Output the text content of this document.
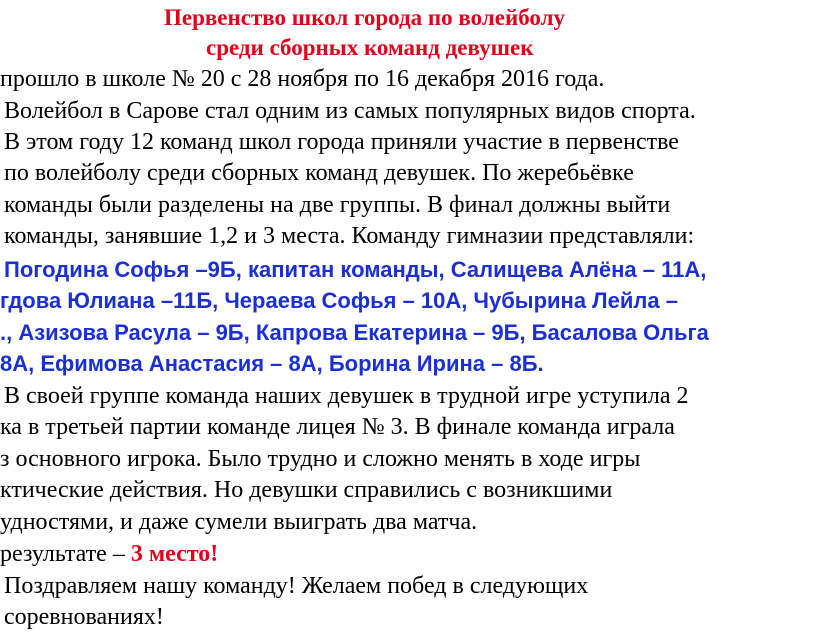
Первенство школ города по волейболу
среди сборных команд девушек
прошло в школе № 20 с 28 ноября по 16 декабря 2016 года.
Волейбол в Сарове стал одним из самых популярных видов спорта.
В этом году 12 команд школ города приняли участие в первенстве
по волейболу среди сборных команд девушек. По жеребьёвке
команды были разделены на две группы. В финал должны выйти
команды, занявшие 1,2 и 3 места. Команду гимназии представляли:
Погодина Софья –9Б, капитан команды, Салищева Алёна – 11А,
гдова Юлиана –11Б, Чераева Софья – 10А, Чубырина Лейла –
., Азизова Расула – 9Б, Капрова Екатерина – 9Б, Басалова Ольга
8А, Ефимова Анастасия – 8А, Борина Ирина – 8Б.
В своей группе команда наших девушек в трудной игре уступила 2
ка в третьей партии команде лицея № 3. В финале команда играла
з основного игрока. Было трудно и сложно менять в ходе игры
ктические действия. Но девушки справились с возникшими
удностями, и даже сумели выиграть два матча.
результате – 3 место!
Поздравляем нашу команду! Желаем побед в следующих
соревнованиях!
